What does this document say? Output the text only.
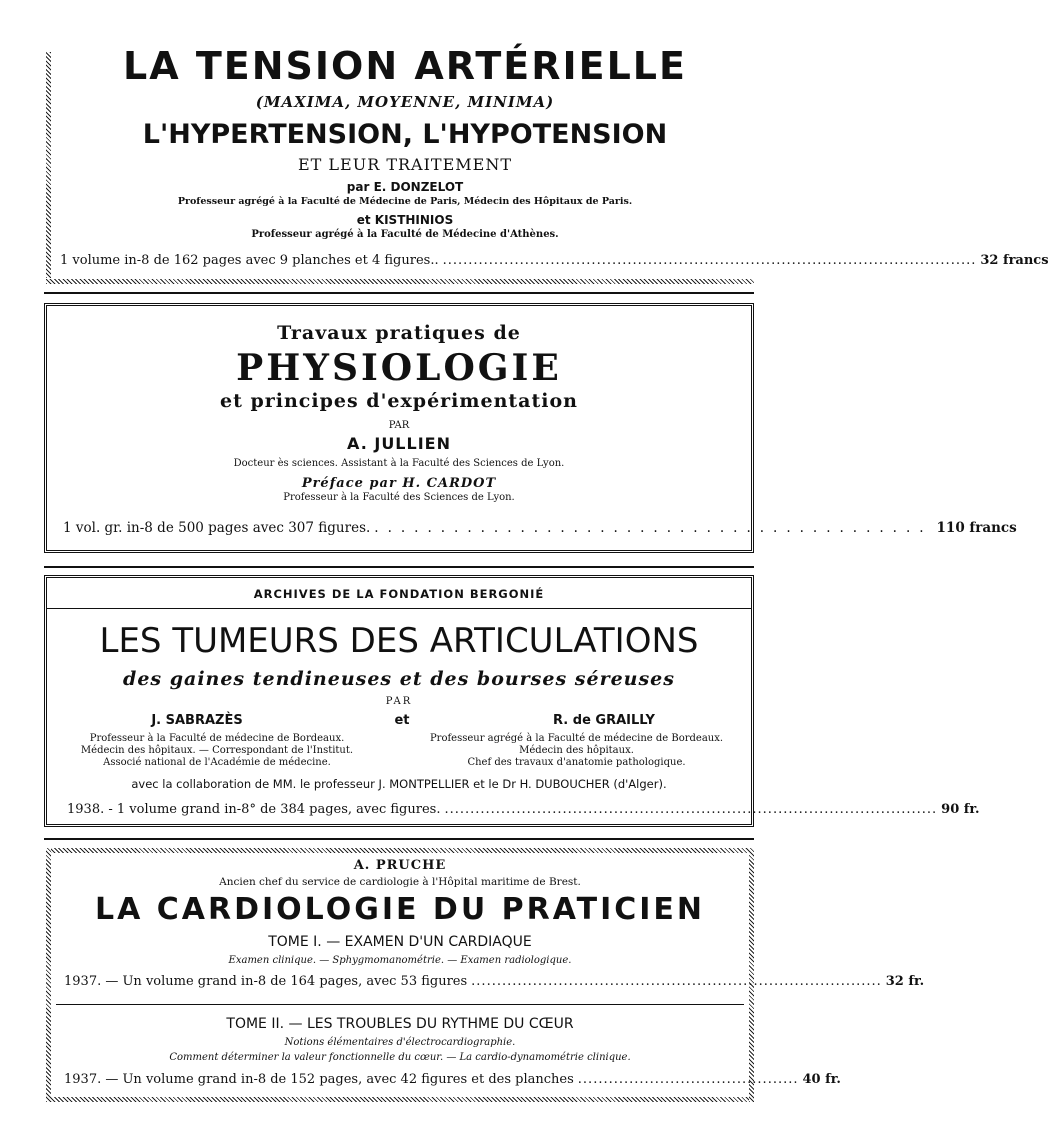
LA TENSION ARTÉRIELLE
(MAXIMA, MOYENNE, MINIMA)
L'HYPERTENSION, L'HYPOTENSION
ET LEUR TRAITEMENT
par E. DONZELOT
Professeur agrégé à la Faculté de Médecine de Paris, Médecin des Hôpitaux de Paris.
et KISTHINIOS
Professeur agrégé à la Faculté de Médecine d'Athènes.
1 volume in-8 de 162 pages avec 9 planches et 4 figures.. ........................................................................................................ 32 francs
Travaux pratiques de
PHYSIOLOGIE
et principes d'expérimentation
PAR
A. JULLIEN
Docteur ès sciences. Assistant à la Faculté des Sciences de Lyon.
Préface par H. CARDOT
Professeur à la Faculté des Sciences de Lyon.
1 vol. gr. in-8 de 500 pages avec 307 figures. .......................................... 110 francs
ARCHIVES DE LA FONDATION BERGONIÉ
LES TUMEURS DES ARTICULATIONS
des gaines tendineuses et des bourses séreuses
PAR
J. SABRAZÈS	et	R. de GRAILLY
Professeur à la Faculté de médecine de Bordeaux.
Médecin des hôpitaux. — Correspondant de l'Institut.
Associé national de l'Académie de médecine.
Professeur agrégé à la Faculté de médecine de Bordeaux.
Médecin des hôpitaux.
Chef des travaux d'anatomie pathologique.
avec la collaboration de MM. le professeur J. MONTPELLIER et le Dr H. DUBOUCHER (d'Alger).
1938. - 1 volume grand in-8° de 384 pages, avec figures. ................................................................................................ 90 fr.
A. PRUCHE
Ancien chef du service de cardiologie à l'Hôpital maritime de Brest.
LA CARDIOLOGIE DU PRATICIEN
TOME I. — EXAMEN D'UN CARDIAQUE
Examen clinique. — Sphygmomanométrie. — Examen radiologique.
1937. — Un volume grand in-8 de 164 pages, avec 53 figures ................................................................................ 32 fr.
TOME II. — LES TROUBLES DU RYTHME DU CŒUR
Notions élémentaires d'électrocardiographie.
Comment déterminer la valeur fonctionnelle du cœur. — La cardio-dynamométrie clinique.
1937. — Un volume grand in-8 de 152 pages, avec 42 figures et des planches ........................................... 40 fr.
